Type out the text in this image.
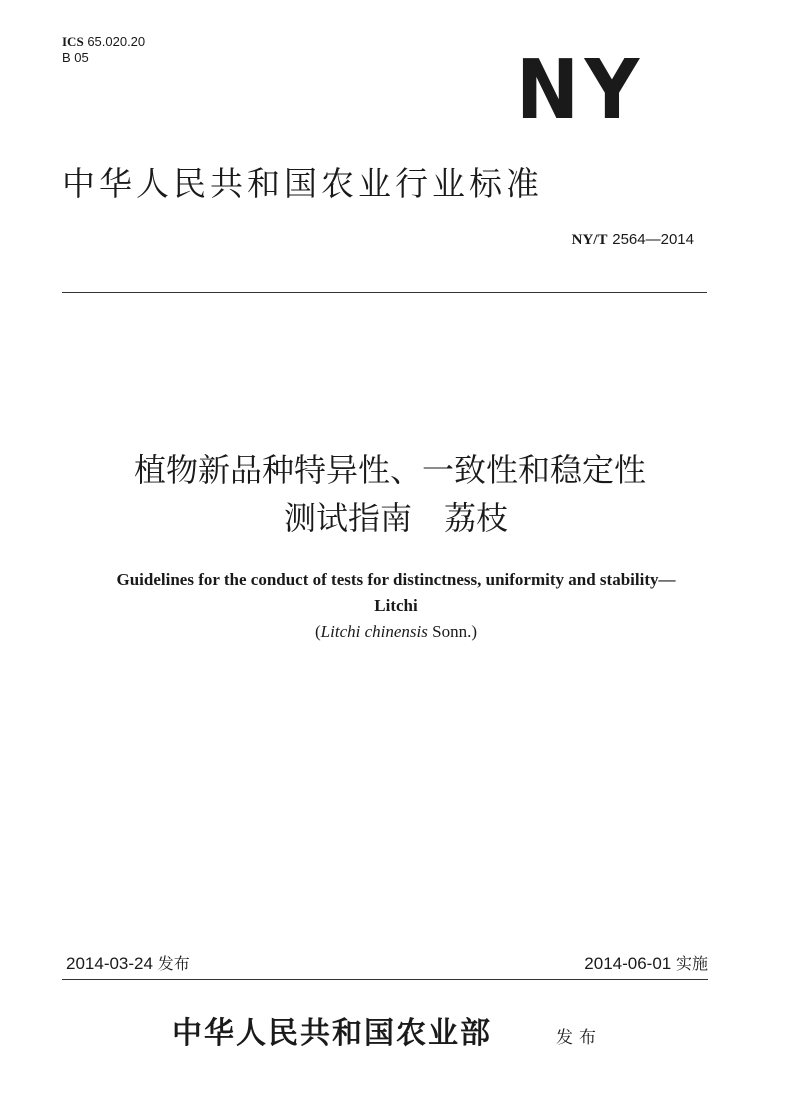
ICS 65.020.20
B 05	NY
中华人民共和国农业行业标准
NY/T 2564—2014
植物新品种特异性、一致性和稳定性
测试指南　荔枝
Guidelines for the conduct of tests for distinctness, uniformity and stability—
Litchi
(Litchi chinensis Sonn.)
2014-03-24 发布	2014-06-01 实施
中华人民共和国农业部	发布
